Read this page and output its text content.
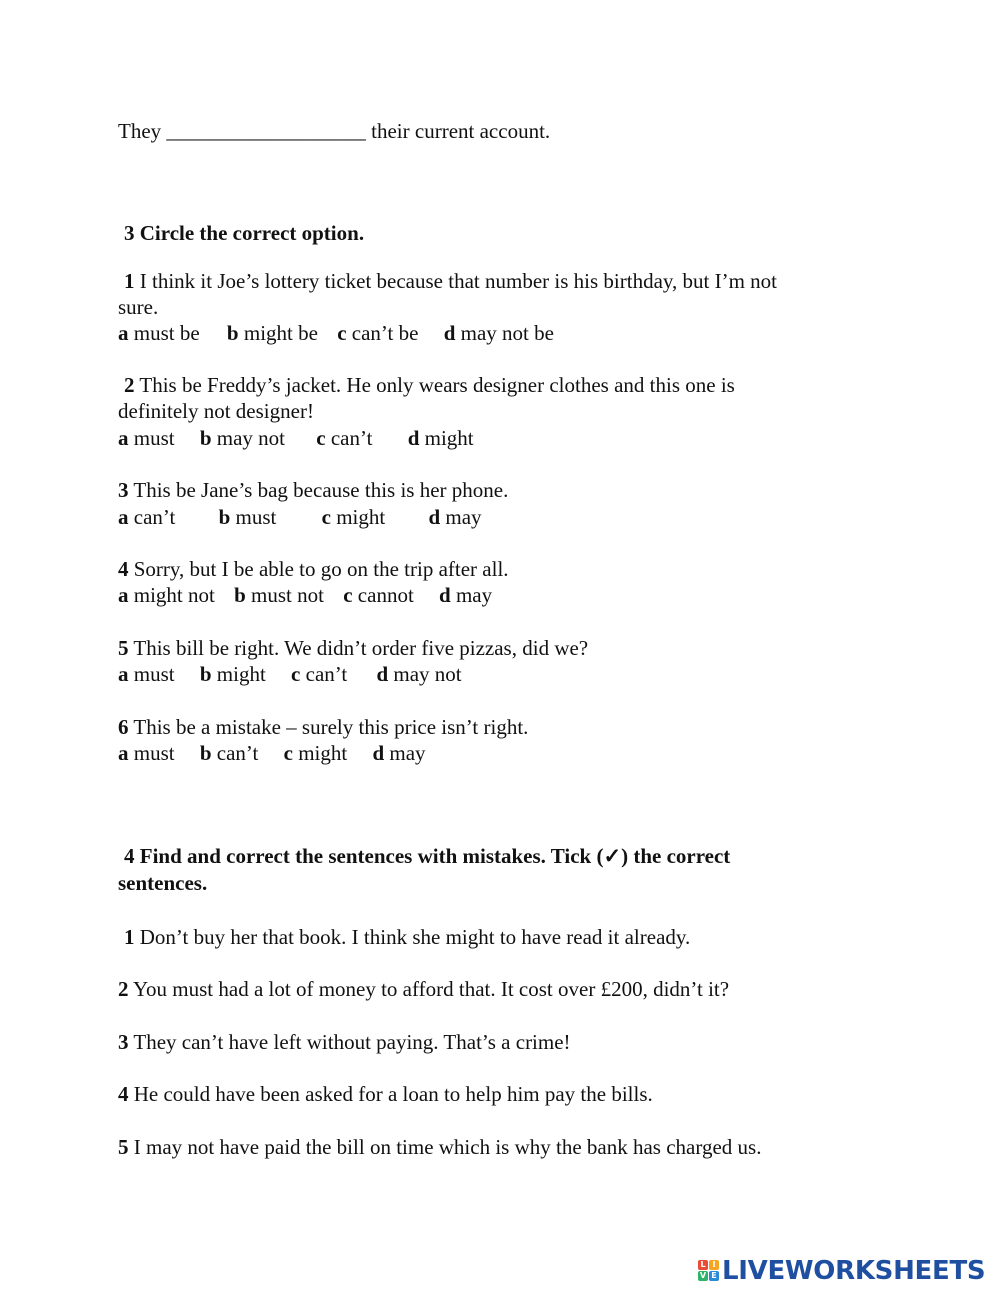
They ___________________ their current account.
3 Circle the correct option.
1 I think it Joe’s lottery ticket because that number is his birthday, but I’m not
sure.
a must be b might be c can’t be d may not be
2 This be Freddy’s jacket. He only wears designer clothes and this one is
definitely not designer!
a must b may not c can’t d might
3 This be Jane’s bag because this is her phone.
a can’t b must c might d may
4 Sorry, but I be able to go on the trip after all.
a might not b must not c cannot d may
5 This bill be right. We didn’t order five pizzas, did we?
a must b might c can’t d may not
6 This be a mistake – surely this price isn’t right.
a must b can’t c might d may
4 Find and correct the sentences with mistakes. Tick (✓) the correct
sentences.
1 Don’t buy her that book. I think she might to have read it already.
2 You must had a lot of money to afford that. It cost over £200, didn’t it?
3 They can’t have left without paying. That’s a crime!
4 He could have been asked for a loan to help him pay the bills.
5 I may not have paid the bill on time which is why the bank has charged us.
L I
V E LIVEWORKSHEETS
